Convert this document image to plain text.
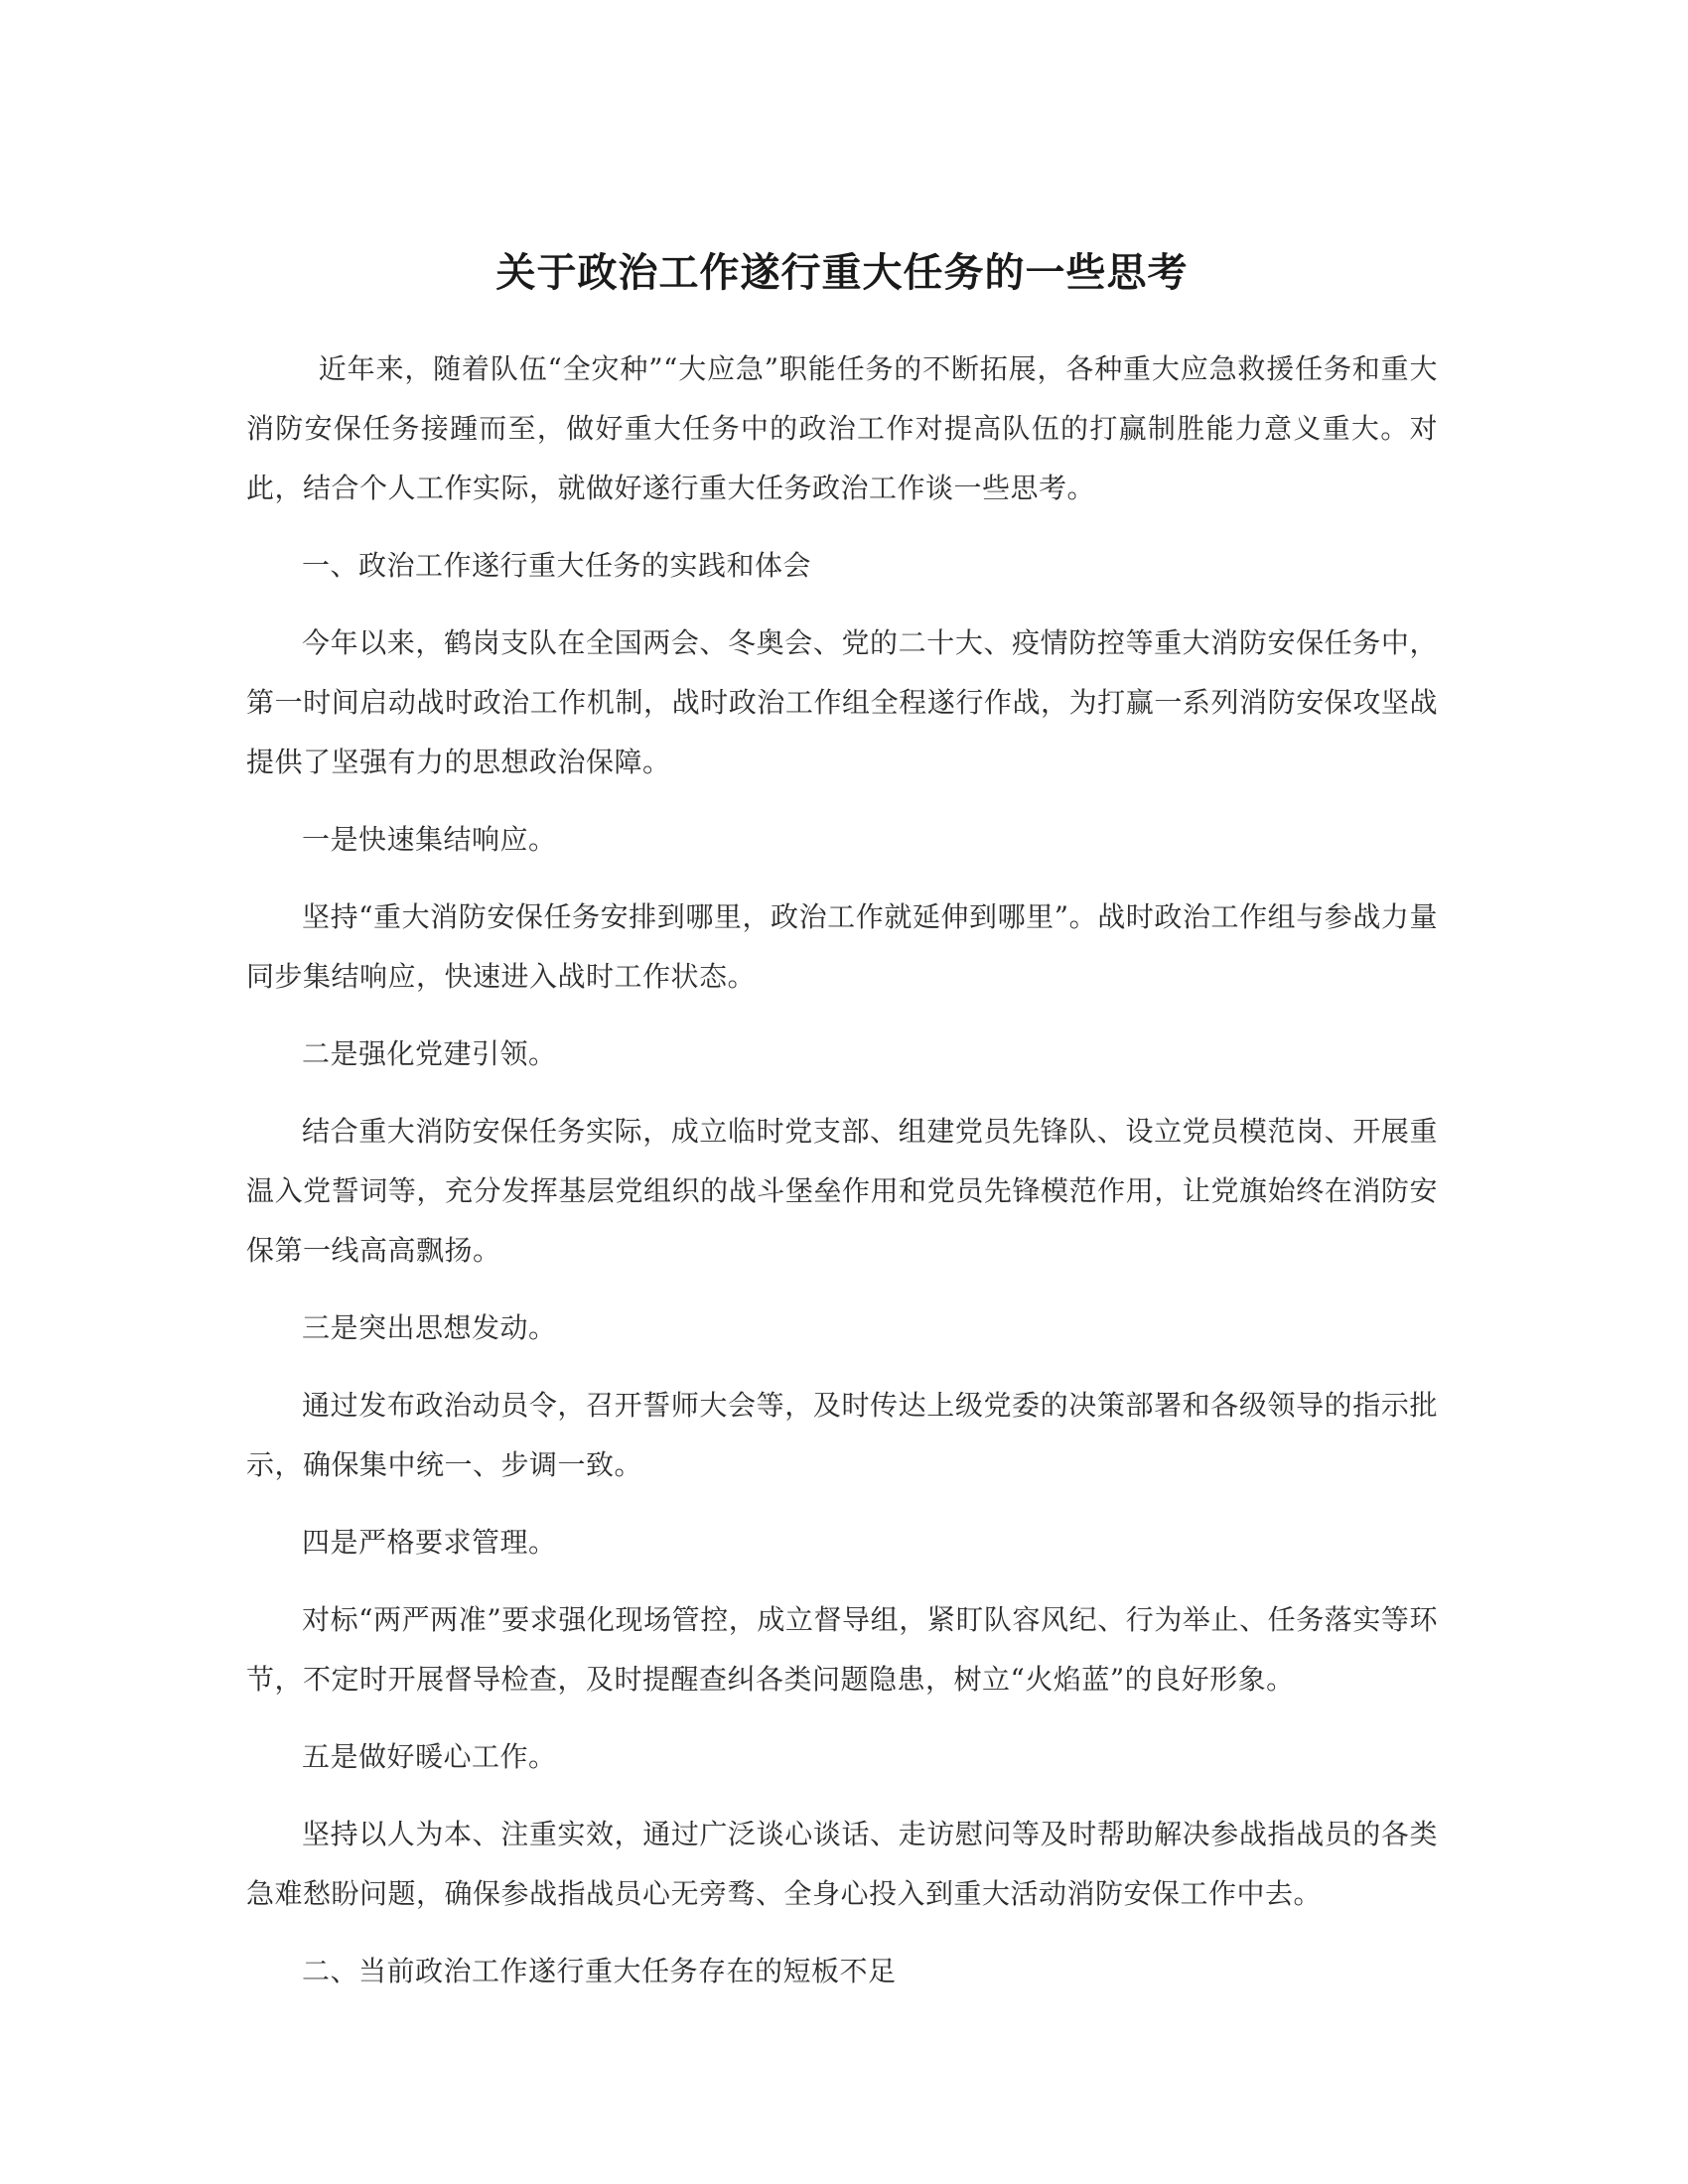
关于政治工作遂行重大任务的一些思考

近年来，随着队伍“全灾种”“大应急”职能任务的不断拓展，各种重大应急救援任务和重大消防安保任务接踵而至，做好重大任务中的政治工作对提高队伍的打赢制胜能力意义重大。对此，结合个人工作实际，就做好遂行重大任务政治工作谈一些思考。

一、政治工作遂行重大任务的实践和体会

今年以来，鹤岗支队在全国两会、冬奥会、党的二十大、疫情防控等重大消防安保任务中，第一时间启动战时政治工作机制，战时政治工作组全程遂行作战，为打赢一系列消防安保攻坚战提供了坚强有力的思想政治保障。

一是快速集结响应。

坚持“重大消防安保任务安排到哪里，政治工作就延伸到哪里”。战时政治工作组与参战力量同步集结响应，快速进入战时工作状态。

二是强化党建引领。

结合重大消防安保任务实际，成立临时党支部、组建党员先锋队、设立党员模范岗、开展重温入党誓词等，充分发挥基层党组织的战斗堡垒作用和党员先锋模范作用，让党旗始终在消防安保第一线高高飘扬。

三是突出思想发动。

通过发布政治动员令，召开誓师大会等，及时传达上级党委的决策部署和各级领导的指示批示，确保集中统一、步调一致。

四是严格要求管理。

对标“两严两准”要求强化现场管控，成立督导组，紧盯队容风纪、行为举止、任务落实等环节，不定时开展督导检查，及时提醒查纠各类问题隐患，树立“火焰蓝”的良好形象。

五是做好暖心工作。

坚持以人为本、注重实效，通过广泛谈心谈话、走访慰问等及时帮助解决参战指战员的各类急难愁盼问题，确保参战指战员心无旁骛、全身心投入到重大活动消防安保工作中去。

二、当前政治工作遂行重大任务存在的短板不足
